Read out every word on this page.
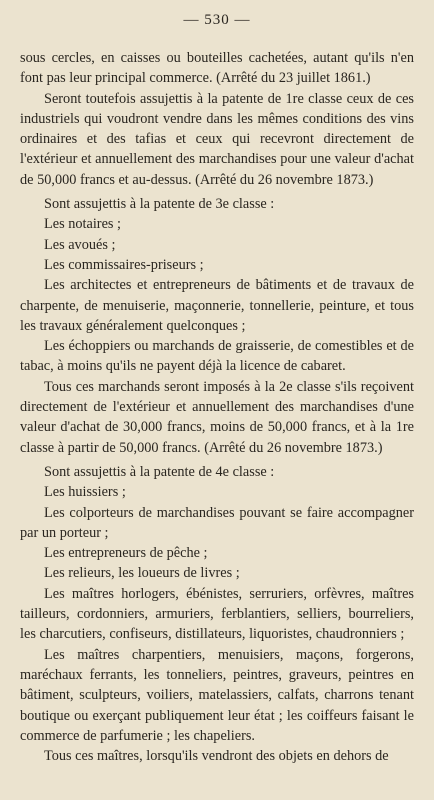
— 530 —

sous cercles, en caisses ou bouteilles cachetées, autant qu'ils n'en font pas leur principal commerce. (Arrêté du 23 juillet 1861.)

Seront toutefois assujettis à la patente de 1re classe ceux de ces industriels qui voudront vendre dans les mêmes conditions des vins ordinaires et des tafias et ceux qui recevront directement de l'extérieur et annuellement des marchandises pour une valeur d'achat de 50,000 francs et au-dessus. (Arrêté du 26 novembre 1873.)

Sont assujettis à la patente de 3e classe :

Les notaires ;

Les avoués ;

Les commissaires-priseurs ;

Les architectes et entrepreneurs de bâtiments et de travaux de charpente, de menuiserie, maçonnerie, tonnellerie, peinture, et tous les travaux généralement quelconques ;

Les échoppiers ou marchands de graisserie, de comestibles et de tabac, à moins qu'ils ne payent déjà la licence de cabaret.

Tous ces marchands seront imposés à la 2e classe s'ils reçoivent directement de l'extérieur et annuellement des marchandises d'une valeur d'achat de 30,000 francs, moins de 50,000 francs, et à la 1re classe à partir de 50,000 francs. (Arrêté du 26 novembre 1873.)

Sont assujettis à la patente de 4e classe :

Les huissiers ;

Les colporteurs de marchandises pouvant se faire accompagner par un porteur ;

Les entrepreneurs de pêche ;

Les relieurs, les loueurs de livres ;

Les maîtres horlogers, ébénistes, serruriers, orfèvres, maîtres tailleurs, cordonniers, armuriers, ferblantiers, selliers, bourreliers, les charcutiers, confiseurs, distillateurs, liquoristes, chaudronniers ;

Les maîtres charpentiers, menuisiers, maçons, forgerons, maréchaux ferrants, les tonneliers, peintres, graveurs, peintres en bâtiment, sculpteurs, voiliers, matelassiers, calfats, charrons tenant boutique ou exerçant publiquement leur état ; les coiffeurs faisant le commerce de parfumerie ; les chapeliers.

Tous ces maîtres, lorsqu'ils vendront des objets en dehors de
